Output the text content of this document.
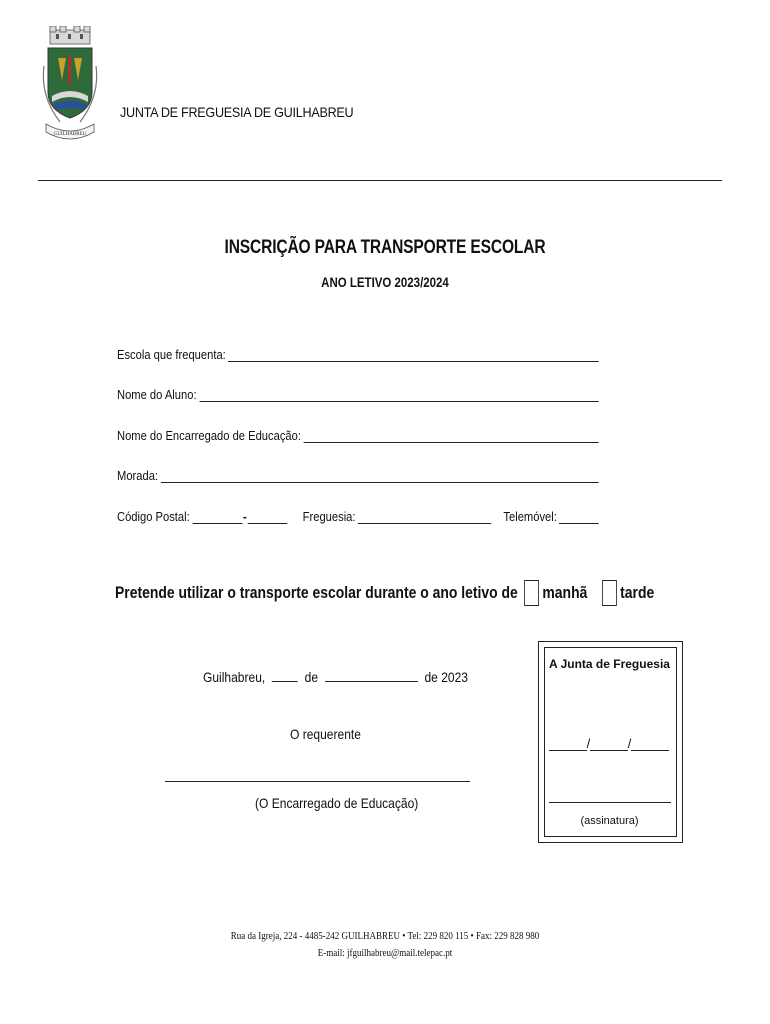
GUILHABREU
JUNTA DE FREGUESIA DE GUILHABREU
INSCRIÇÃO PARA TRANSPORTE ESCOLAR
ANO LETIVO 2023/2024
Escola que frequenta:
Nome do Aluno:
Nome do Encarregado de Educação:
Morada:
Código Postal:	-	Freguesia:	Telemóvel:
Pretende utilizar o transporte escolar durante o ano letivo de manhã tarde
Guilhabreu,	de	de 2023
O requerente
(O Encarregado de Educação)
A Junta de Freguesia
/	/
(assinatura)
Rua da Igreja, 224 - 4485-242 GUILHABREU • Tel: 229 820 115 • Fax: 229 828 980
E-mail: jfguilhabreu@mail.telepac.pt
